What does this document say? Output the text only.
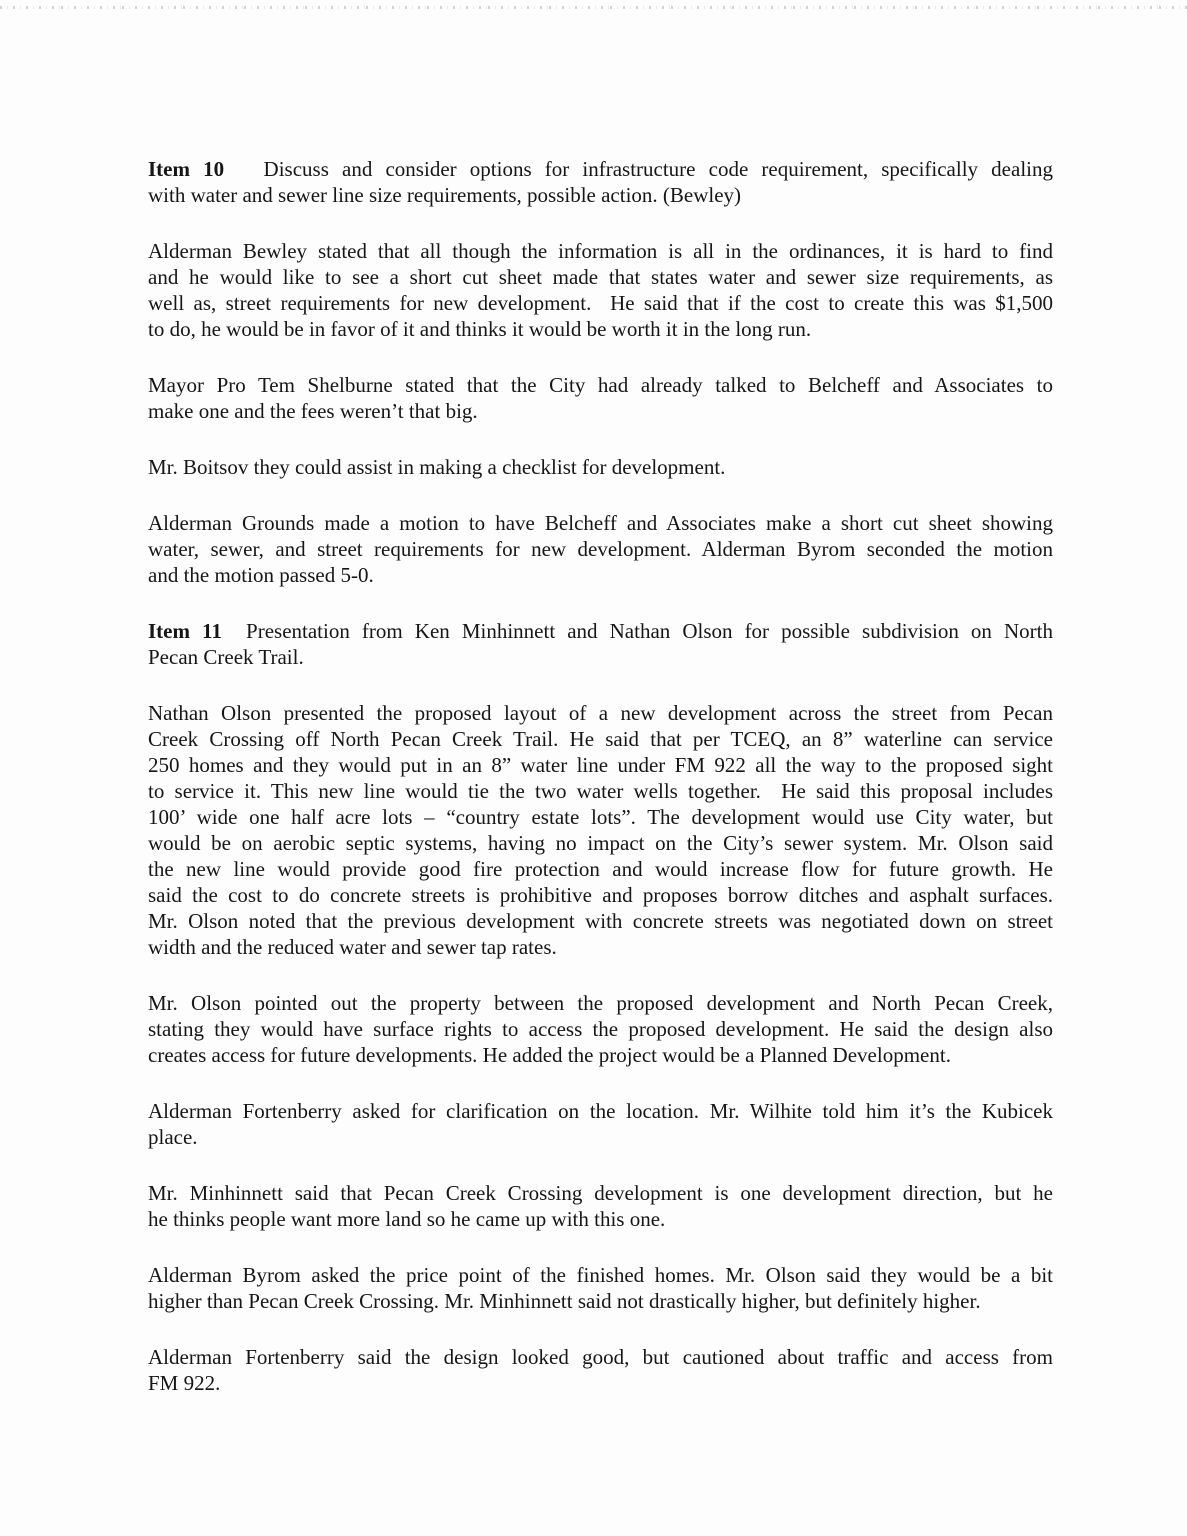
Item 10   Discuss and consider options for infrastructure code requirement, specifically dealing
with water and sewer line size requirements, possible action. (Bewley)

Alderman Bewley stated that all though the information is all in the ordinances, it is hard to find
and he would like to see a short cut sheet made that states water and sewer size requirements, as
well as, street requirements for new development.  He said that if the cost to create this was $1,500
to do, he would be in favor of it and thinks it would be worth it in the long run.

Mayor Pro Tem Shelburne stated that the City had already talked to Belcheff and Associates to
make one and the fees weren’t that big.

Mr. Boitsov they could assist in making a checklist for development.

Alderman Grounds made a motion to have Belcheff and Associates make a short cut sheet showing
water, sewer, and street requirements for new development. Alderman Byrom seconded the motion
and the motion passed 5-0.

Item 11  Presentation from Ken Minhinnett and Nathan Olson for possible subdivision on North
Pecan Creek Trail.

Nathan Olson presented the proposed layout of a new development across the street from Pecan
Creek Crossing off North Pecan Creek Trail. He said that per TCEQ, an 8” waterline can service
250 homes and they would put in an 8” water line under FM 922 all the way to the proposed sight
to service it. This new line would tie the two water wells together.  He said this proposal includes
100’ wide one half acre lots – “country estate lots”. The development would use City water, but
would be on aerobic septic systems, having no impact on the City’s sewer system. Mr. Olson said
the new line would provide good fire protection and would increase flow for future growth. He
said the cost to do concrete streets is prohibitive and proposes borrow ditches and asphalt surfaces.
Mr. Olson noted that the previous development with concrete streets was negotiated down on street
width and the reduced water and sewer tap rates.

Mr. Olson pointed out the property between the proposed development and North Pecan Creek,
stating they would have surface rights to access the proposed development. He said the design also
creates access for future developments. He added the project would be a Planned Development.

Alderman Fortenberry asked for clarification on the location. Mr. Wilhite told him it’s the Kubicek
place.

Mr. Minhinnett said that Pecan Creek Crossing development is one development direction, but he
he thinks people want more land so he came up with this one.

Alderman Byrom asked the price point of the finished homes. Mr. Olson said they would be a bit
higher than Pecan Creek Crossing. Mr. Minhinnett said not drastically higher, but definitely higher.

Alderman Fortenberry said the design looked good, but cautioned about traffic and access from
FM 922.
